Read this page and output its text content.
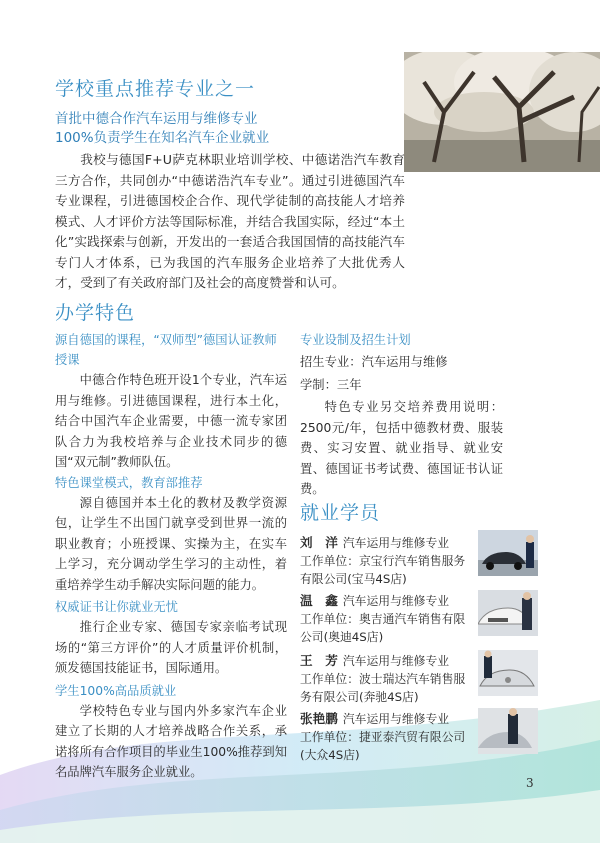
学校重点推荐专业之一
首批中德合作汽车运用与维修专业
100%负责学生在知名汽车企业就业
我校与德国F+U萨克林职业培训学校、中德诺浩汽车教育三方合作，共同创办“中德诺浩汽车专业”。通过引进德国汽车专业课程，引进德国校企合作、现代学徒制的高技能人才培养模式、人才评价方法等国际标准，并结合我国实际，经过“本土化”实践探索与创新，开发出的一套适合我国国情的高技能汽车专门人才体系，已为我国的汽车服务企业培养了大批优秀人才，受到了有关政府部门及社会的高度赞誉和认可。
办学特色
源自德国的课程，“双师型”德国认证教师授课
中德合作特色班开设1个专业，汽车运用与维修。引进德国课程，进行本土化，结合中国汽车企业需要，中德一流专家团队合力为我校培养与企业技术同步的德国“双元制”教师队伍。
特色课堂模式，教育部推荐
源自德国并本土化的教材及教学资源包，让学生不出国门就享受到世界一流的职业教育；小班授课、实操为主，在实车上学习，充分调动学生学习的主动性，着重培养学生动手解决实际问题的能力。
权威证书让你就业无忧
推行企业专家、德国专家亲临考试现场的“第三方评价”的人才质量评价机制，颁发德国技能证书，国际通用。
学生100%高品质就业
学校特色专业与国内外多家汽车企业建立了长期的人才培养战略合作关系，承诺将所有合作项目的毕业生100%推荐到知名品牌汽车服务企业就业。
专业设制及招生计划
招生专业：汽车运用与维修
学制：三年
特色专业另交培养费用说明：2500元/年，包括中德教材费、服装费、实习安置、就业指导、就业安置、德国证书考试费、德国证书认证费。
就业学员
刘　洋 汽车运用与维修专业
工作单位：京宝行汽车销售服务有限公司(宝马4S店)
温　鑫 汽车运用与维修专业
工作单位：奥吉通汽车销售有限公司(奥迪4S店)
王　芳 汽车运用与维修专业
工作单位：波士瑞达汽车销售服务有限公司(奔驰4S店)
张艳鹏 汽车运用与维修专业
工作单位：捷亚泰汽贸有限公司(大众4S店)
3
